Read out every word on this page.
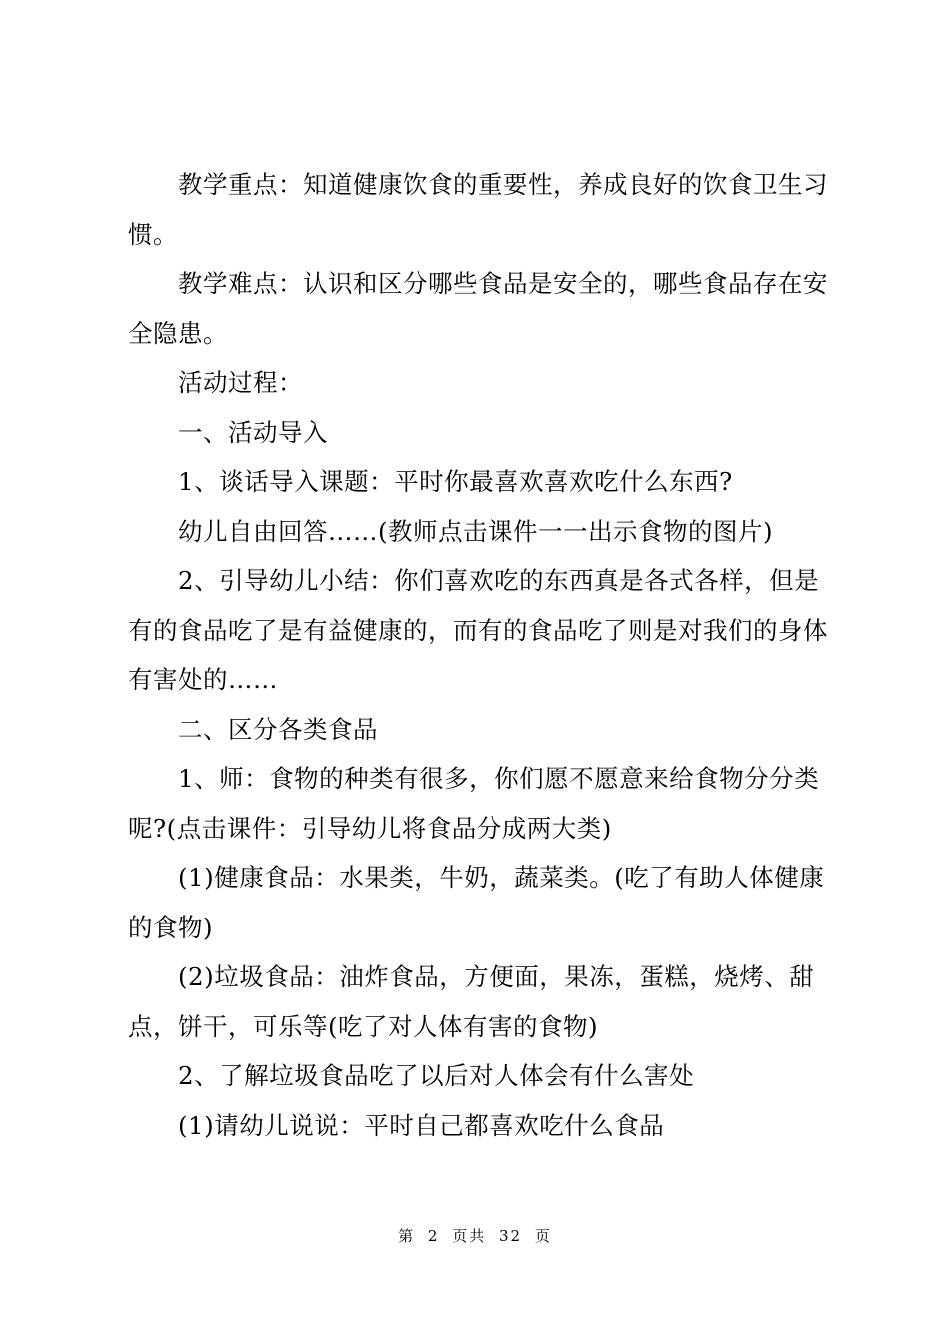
教学重点：知道健康饮食的重要性，养成良好的饮食卫生习惯。

教学难点：认识和区分哪些食品是安全的，哪些食品存在安全隐患。

活动过程：

一、活动导入

1、谈话导入课题：平时你最喜欢喜欢吃什么东西?

幼儿自由回答……(教师点击课件一一出示食物的图片)

2、引导幼儿小结：你们喜欢吃的东西真是各式各样，但是有的食品吃了是有益健康的，而有的食品吃了则是对我们的身体有害处的……

二、区分各类食品

1、师：食物的种类有很多，你们愿不愿意来给食物分分类呢?(点击课件：引导幼儿将食品分成两大类)

(1)健康食品：水果类，牛奶，蔬菜类。(吃了有助人体健康的食物)

(2)垃圾食品：油炸食品，方便面，果冻，蛋糕，烧烤、甜点，饼干，可乐等(吃了对人体有害的食物)

2、了解垃圾食品吃了以后对人体会有什么害处

(1)请幼儿说说：平时自己都喜欢吃什么食品

第 2 页共 32 页
